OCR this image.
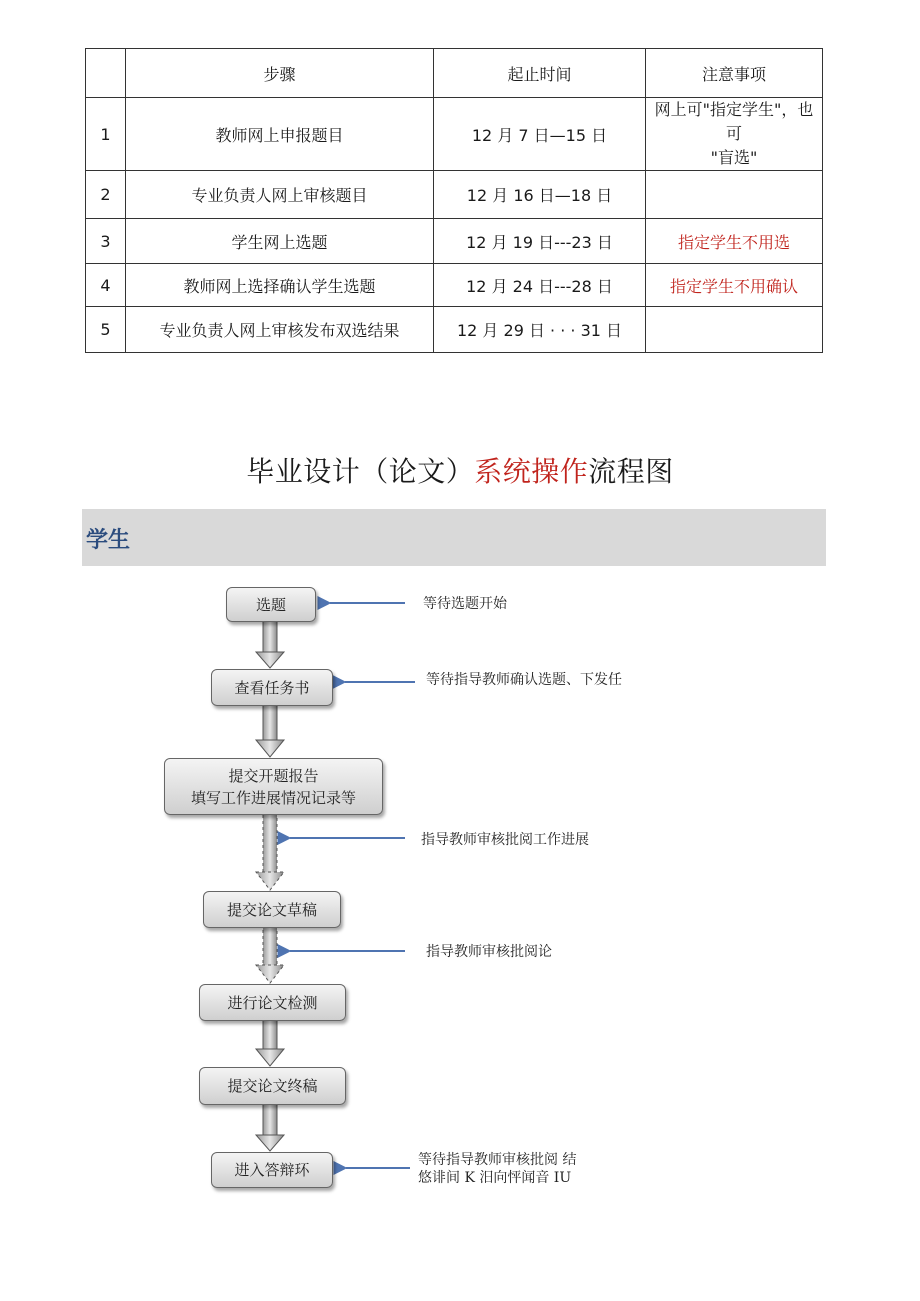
	步骤	起止时间	注意事项
1	教师网上申报题目	12 月 7 日—15 日	网上可"指定学生"，也可
"盲选"

2	专业负责人网上审核题目	12 月 16 日—18 日	
3	学生网上选题	12 月 19 日---23 日	指定学生不用选
4	教师网上选择确认学生选题	12 月 24 日---28 日	指定学生不用确认
5	专业负责人网上审核发布双选结果	12 月 29 日 · · · 31 日	
毕业设计（论文）系统操作流程图
学生
选题
查看任务书
提交开题报告
填写工作进展情况记录等
提交论文草稿
进行论文检测
提交论文终稿
进入答辩环
等待选题开始
等待指导教师确认选题、下发任
指导教师审核批阅工作进展
指导教师审核批阅论
等待指导教师审核批阅 结
悠诽间 K 汨向怦闻音 IU
